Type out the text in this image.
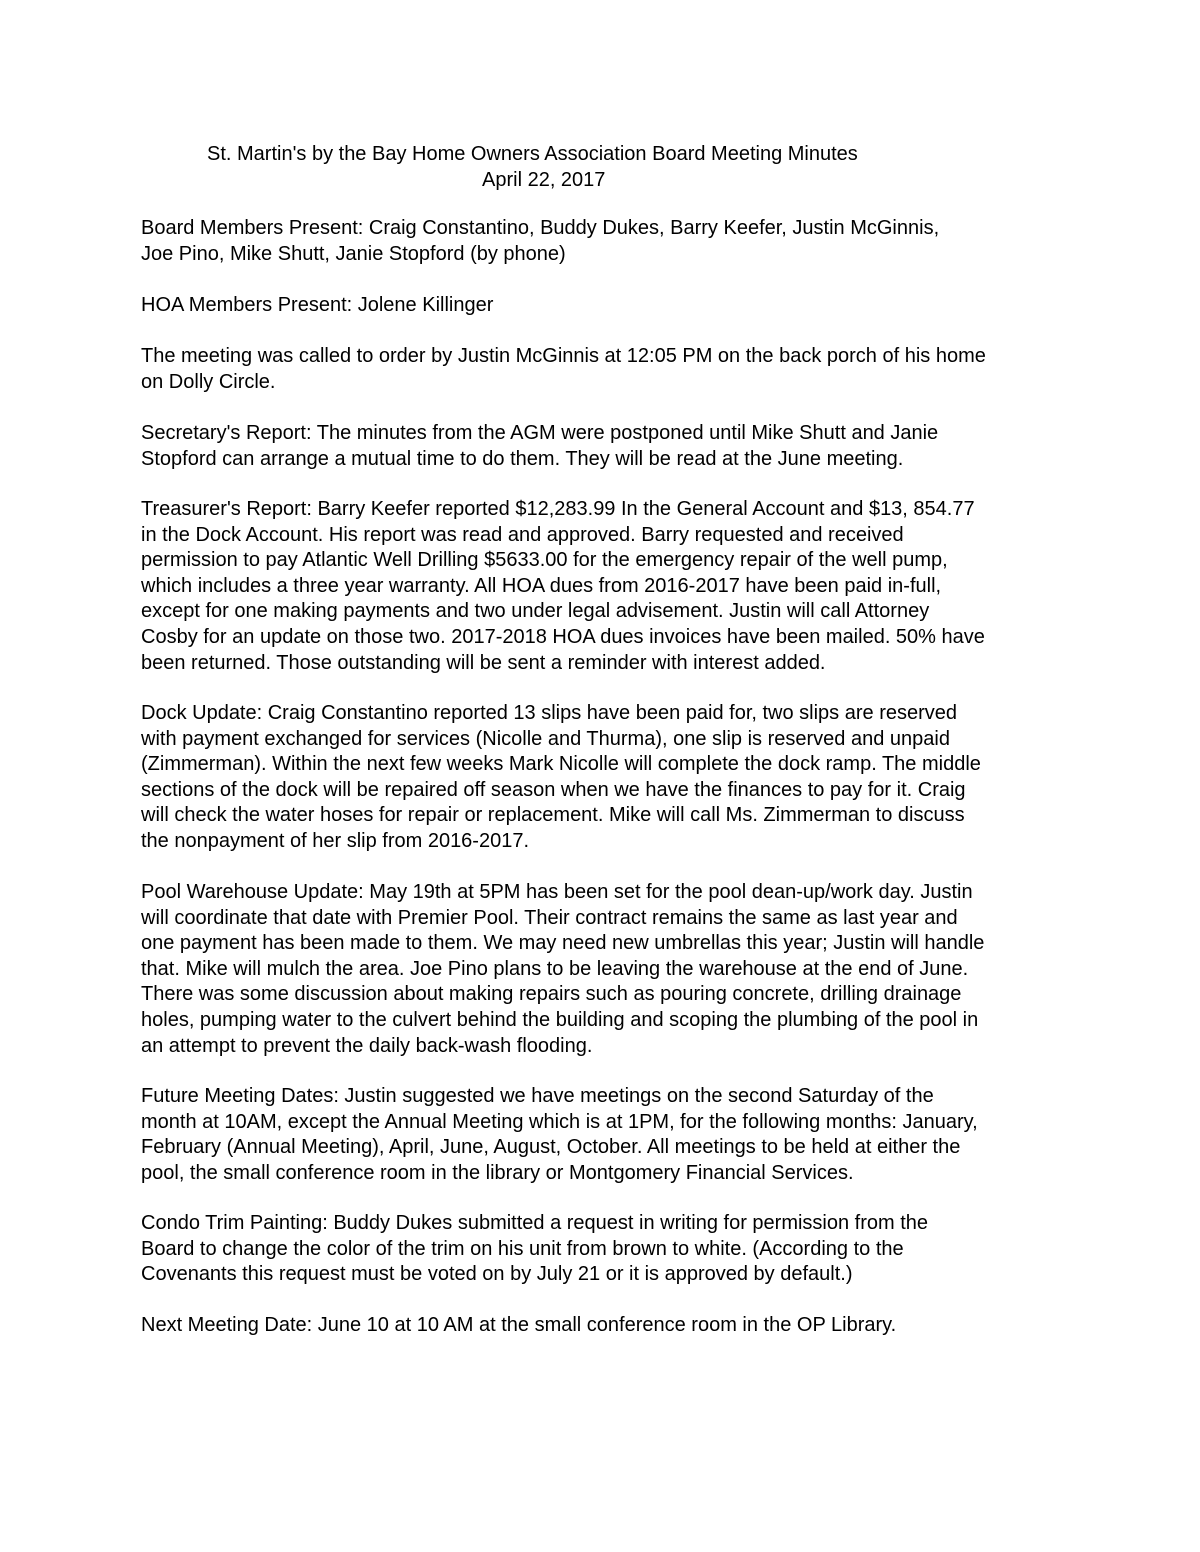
St. Martin's by the Bay Home Owners Association Board Meeting Minutes
April 22, 2017

Board Members Present: Craig Constantino, Buddy Dukes, Barry Keefer, Justin McGinnis,
Joe Pino, Mike Shutt, Janie Stopford (by phone)

HOA Members Present: Jolene Killinger

The meeting was called to order by Justin McGinnis at 12:05 PM on the back porch of his home
on Dolly Circle.

Secretary's Report: The minutes from the AGM were postponed until Mike Shutt and Janie
Stopford can arrange a mutual time to do them. They will be read at the June meeting.

Treasurer's Report: Barry Keefer reported $12,283.99 In the General Account and $13, 854.77
in the Dock Account. His report was read and approved. Barry requested and received
permission to pay Atlantic Well Drilling $5633.00 for the emergency repair of the well pump,
which includes a three year warranty. All HOA dues from 2016-2017 have been paid in-full,
except for one making payments and two under legal advisement. Justin will call Attorney
Cosby for an update on those two. 2017-2018 HOA dues invoices have been mailed. 50% have
been returned. Those outstanding will be sent a reminder with interest added.

Dock Update: Craig Constantino reported 13 slips have been paid for, two slips are reserved
with payment exchanged for services (Nicolle and Thurma), one slip is reserved and unpaid
(Zimmerman). Within the next few weeks Mark Nicolle will complete the dock ramp. The middle
sections of the dock will be repaired off season when we have the finances to pay for it. Craig
will check the water hoses for repair or replacement. Mike will call Ms. Zimmerman to discuss
the nonpayment of her slip from 2016-2017.

Pool Warehouse Update: May 19th at 5PM has been set for the pool dean-up/work day. Justin
will coordinate that date with Premier Pool. Their contract remains the same as last year and
one payment has been made to them. We may need new umbrellas this year; Justin will handle
that. Mike will mulch the area. Joe Pino plans to be leaving the warehouse at the end of June.
There was some discussion about making repairs such as pouring concrete, drilling drainage
holes, pumping water to the culvert behind the building and scoping the plumbing of the pool in
an attempt to prevent the daily back-wash flooding.

Future Meeting Dates: Justin suggested we have meetings on the second Saturday of the
month at 10AM, except the Annual Meeting which is at 1PM, for the following months: January,
February (Annual Meeting), April, June, August, October. All meetings to be held at either the
pool, the small conference room in the library or Montgomery Financial Services.

Condo Trim Painting: Buddy Dukes submitted a request in writing for permission from the
Board to change the color of the trim on his unit from brown to white. (According to the
Covenants this request must be voted on by July 21 or it is approved by default.)

Next Meeting Date: June 10 at 10 AM at the small conference room in the OP Library.
